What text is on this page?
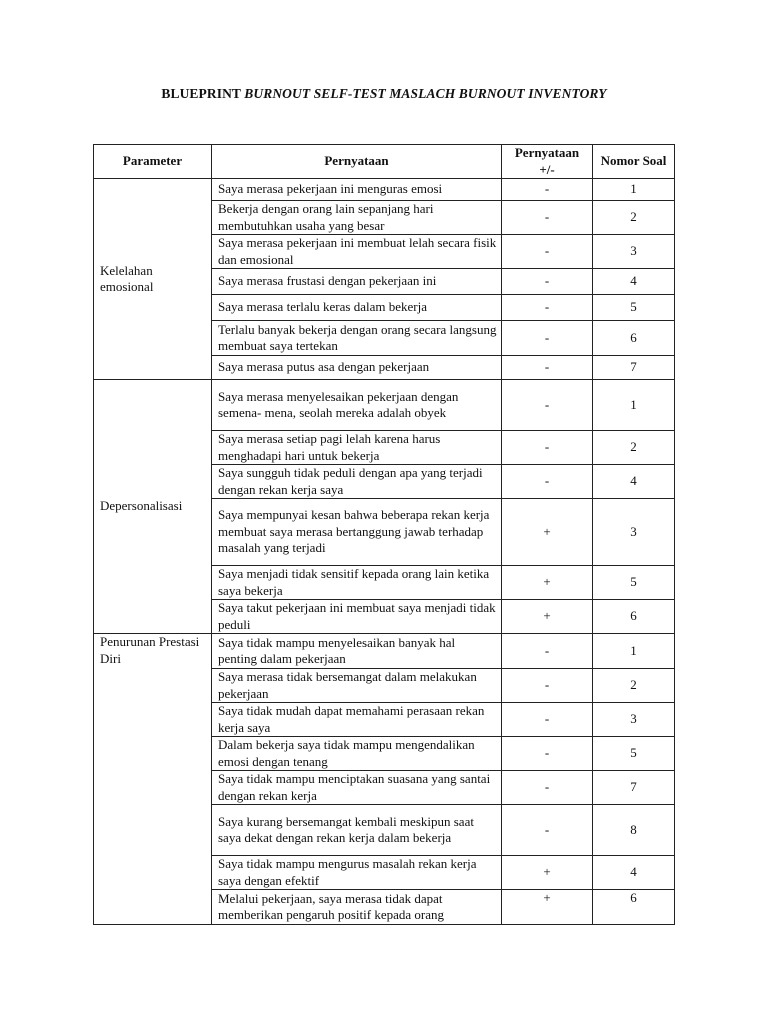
BLUEPRINT BURNOUT SELF-TEST MASLACH BURNOUT INVENTORY
Parameter	Pernyataan	Pernyataan +/-	Nomor Soal
Kelelahan emosional	Saya merasa pekerjaan ini menguras emosi	-	1
	Bekerja dengan orang lain sepanjang hari membutuhkan usaha yang besar	-	2
	Saya merasa pekerjaan ini membuat lelah secara fisik dan emosional	-	3
	Saya merasa frustasi dengan pekerjaan ini	-	4
	Saya merasa terlalu keras dalam bekerja	-	5
	Terlalu banyak bekerja dengan orang secara langsung membuat saya tertekan	-	6
	Saya merasa putus asa dengan pekerjaan	-	7
Depersonalisasi	Saya merasa menyelesaikan pekerjaan dengan semena- mena, seolah mereka adalah obyek	-	1
	Saya merasa setiap pagi lelah karena harus menghadapi hari untuk bekerja	-	2
	Saya sungguh tidak peduli dengan apa yang terjadi dengan rekan kerja saya	-	4
	Saya mempunyai kesan bahwa beberapa rekan kerja membuat saya merasa bertanggung jawab terhadap masalah yang terjadi	+	3
	Saya menjadi tidak sensitif kepada orang lain ketika saya bekerja	+	5
	Saya takut pekerjaan ini membuat saya menjadi tidak peduli	+	6
Penurunan Prestasi Diri	Saya tidak mampu menyelesaikan banyak hal penting dalam pekerjaan	-	1
	Saya merasa tidak bersemangat dalam melakukan pekerjaan	-	2
	Saya tidak mudah dapat memahami perasaan rekan kerja saya	-	3
	Dalam bekerja saya tidak mampu mengendalikan emosi dengan tenang	-	5
	Saya tidak mampu menciptakan suasana yang santai dengan rekan kerja	-	7
	Saya kurang bersemangat kembali meskipun saat saya dekat dengan rekan kerja dalam bekerja	-	8
	Saya tidak mampu mengurus masalah rekan kerja saya dengan efektif	+	4
	Melalui pekerjaan, saya merasa tidak dapat memberikan pengaruh positif kepada orang	+	6
